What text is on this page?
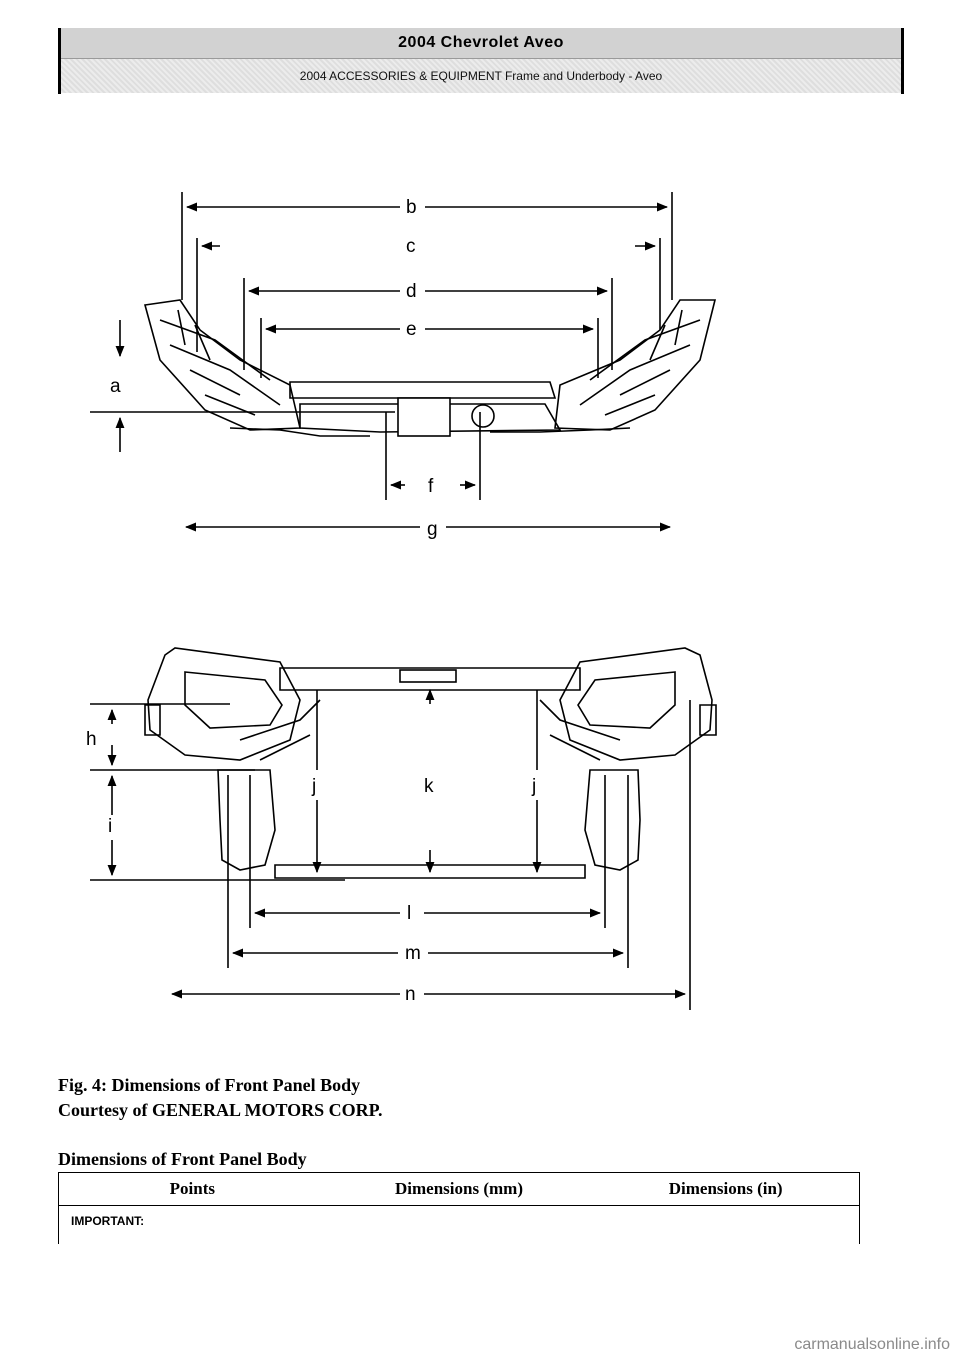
2004 Chevrolet Aveo
2004 ACCESSORIES & EQUIPMENT Frame and Underbody - Aveo
b
c
d
e
a
f
g
h
i
j	k	j
l
m
n
Fig. 4: Dimensions of Front Panel Body
Courtesy of GENERAL MOTORS CORP.
Dimensions of Front Panel Body
Points	Dimensions (mm)	Dimensions (in)
IMPORTANT:
carmanualsonline.info
